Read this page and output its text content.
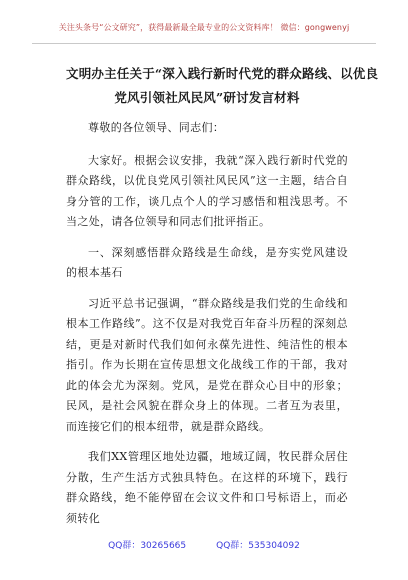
关注头条号“公文研究”，获得最新最全最专业的公文资料库！ 微信：gongwenyj
文明办主任关于“深入践行新时代党的群众路线、以优良
党风引领社风民风”研讨发言材料

尊敬的各位领导、同志们：

大家好。根据会议安排，我就“深入践行新时代党的群众路线，以优良党风引领社风民风”这一主题，结合自身分管的工作，谈几点个人的学习感悟和粗浅思考。不当之处，请各位领导和同志们批评指正。

一、深刻感悟群众路线是生命线，是夯实党风建设的根本基石

习近平总书记强调，“群众路线是我们党的生命线和根本工作路线”。这不仅是对我党百年奋斗历程的深刻总结，更是对新时代我们如何永葆先进性、纯洁性的根本指引。作为长期在宣传思想文化战线工作的干部，我对此的体会尤为深刻。党风，是党在群众心目中的形象；民风，是社会风貌在群众身上的体现。二者互为表里，而连接它们的根本纽带，就是群众路线。

我们XX管理区地处边疆，地域辽阔，牧民群众居住分散，生产生活方式独具特色。在这样的环境下，践行群众路线，绝不能停留在会议文件和口号标语上，而必须转化

QQ群：30265665	QQ群：535304092
